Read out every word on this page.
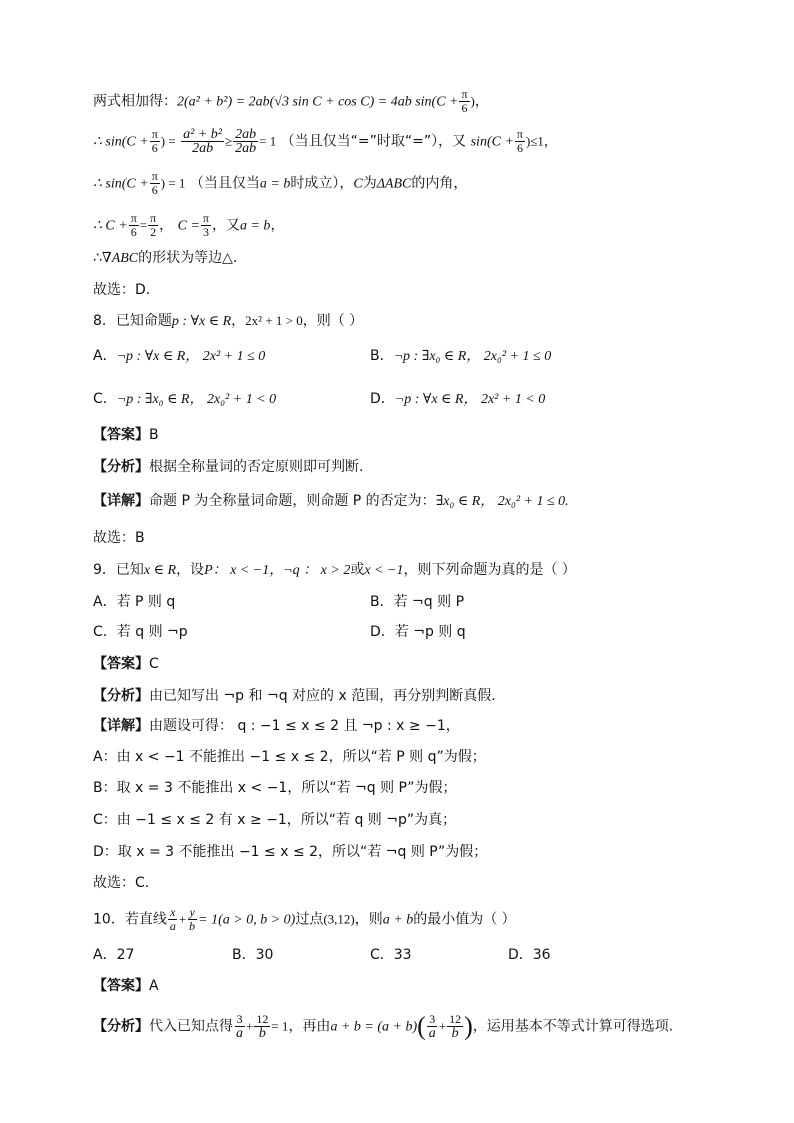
两式相加得：2(a² + b²) = 2ab(√3 sin C + cos C) = 4ab $\sin(C + \frac{\pi}{6}$ )，
∴ $\sin(C + \frac{\pi}{6}$ ) = $\frac{\text{a² + b²}}{2ab} \ge \frac{2ab}{2ab} = 1$ （当且仅当“=”时取“=”），又 $\sin(C + \frac{\pi}{6} )\le 1$，
∴ $\sin(C + \frac{\pi}{6}$ ) = 1 （当且仅当a = b时成立），C为ΔABC的内角，
∴ $C + \frac{\pi}{6} = \frac{\pi}{2}$ ， $C = \frac{\pi}{3}$ ，又a = b，
∴∇ABC的形状为等边△.
故选：D.
8．已知命题p : ∀x ∈ R，2x² + 1 > 0，则（ ）
A．¬p : ∀x ∈ R， 2x² + 1 ≤ 0	B．¬p : ∃x₀ ∈ R， 2x₀² + 1 ≤ 0
C．¬p : ∃x₀ ∈ R， 2x₀² + 1 < 0	D．¬p : ∀x ∈ R， 2x² + 1 < 0
【答案】B
【分析】根据全称量词的否定原则即可判断.
【详解】命题 P 为全称量词命题，则命题 P 的否定为：∃x₀ ∈ R， 2x₀² + 1 ≤ 0.
故选：B
9．已知x ∈ R，设P： x < −1，¬q ： x > 2或x < −1，则下列命题为真的是（ ）
A．若 P 则 q	B．若 ¬q 则 P
C．若 q 则 ¬p	D．若 ¬p 则 q
【答案】C
【分析】由已知写出 ¬p 和 ¬q 对应的 x 范围，再分别判断真假.
【详解】由题设可得： q : −1 ≤ x ≤ 2 且 ¬p : x ≥ −1，
A：由 x < −1 不能推出 −1 ≤ x ≤ 2，所以“若 P 则 q”为假；
B：取 x = 3 不能推出 x < −1，所以“若 ¬q 则 P”为假；
C：由 −1 ≤ x ≤ 2 有 x ≥ −1，所以“若 q 则 ¬p”为真；
D：取 x = 3 不能推出 −1 ≤ x ≤ 2，所以“若 ¬q 则 P”为假；
故选：C.
10．若直线 $\frac{x}{a} + \frac{y}{b} = 1(a > 0$, b > 0)过点(3,12)，则a + b的最小值为（ ）
A．27	B．30	C．33	D．36
【答案】A
【分析】代入已知点得 $\frac{3}{a} + \frac{12}{b} = 1$，再由$a + b = (a + b)( \frac{3}{a} + \frac{12}{b}$ )，运用基本不等式计算可得选项.
